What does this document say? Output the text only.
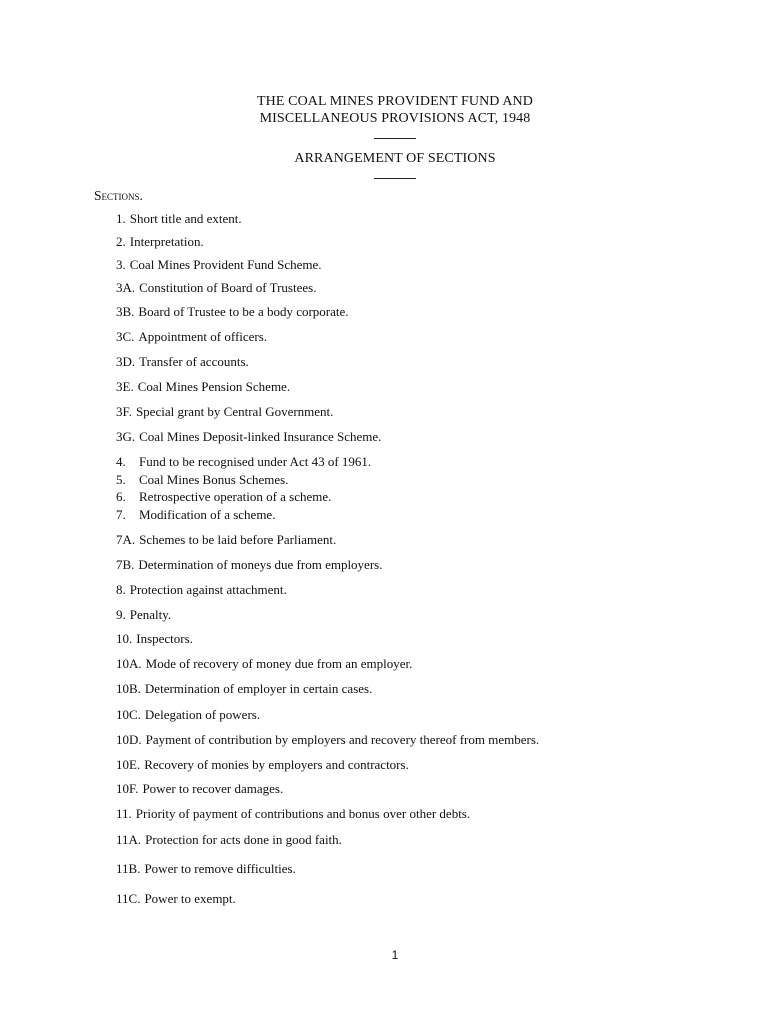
THE COAL MINES PROVIDENT FUND AND
MISCELLANEOUS PROVISIONS ACT, 1948
ARRANGEMENT OF SECTIONS
Sections.
1. Short title and extent.
2. Interpretation.
3. Coal Mines Provident Fund Scheme.
3A. Constitution of Board of Trustees.
3B. Board of Trustee to be a body corporate.
3C. Appointment of officers.
3D. Transfer of accounts.
3E. Coal Mines Pension Scheme.
3F. Special grant by Central Government.
3G. Coal Mines Deposit-linked Insurance Scheme.
4. Fund to be recognised under Act 43 of 1961.
5. Coal Mines Bonus Schemes.
6. Retrospective operation of a scheme.
7. Modification of a scheme.
7A. Schemes to be laid before Parliament.
7B. Determination of moneys due from employers.
8. Protection against attachment.
9. Penalty.
10. Inspectors.
10A. Mode of recovery of money due from an employer.
10B. Determination of employer in certain cases.
10C. Delegation of powers.
10D. Payment of contribution by employers and recovery thereof from members.
10E. Recovery of monies by employers and contractors.
10F. Power to recover damages.
11. Priority of payment of contributions and bonus over other debts.
11A. Protection for acts done in good faith.
11B. Power to remove difficulties.
11C. Power to exempt.
1
